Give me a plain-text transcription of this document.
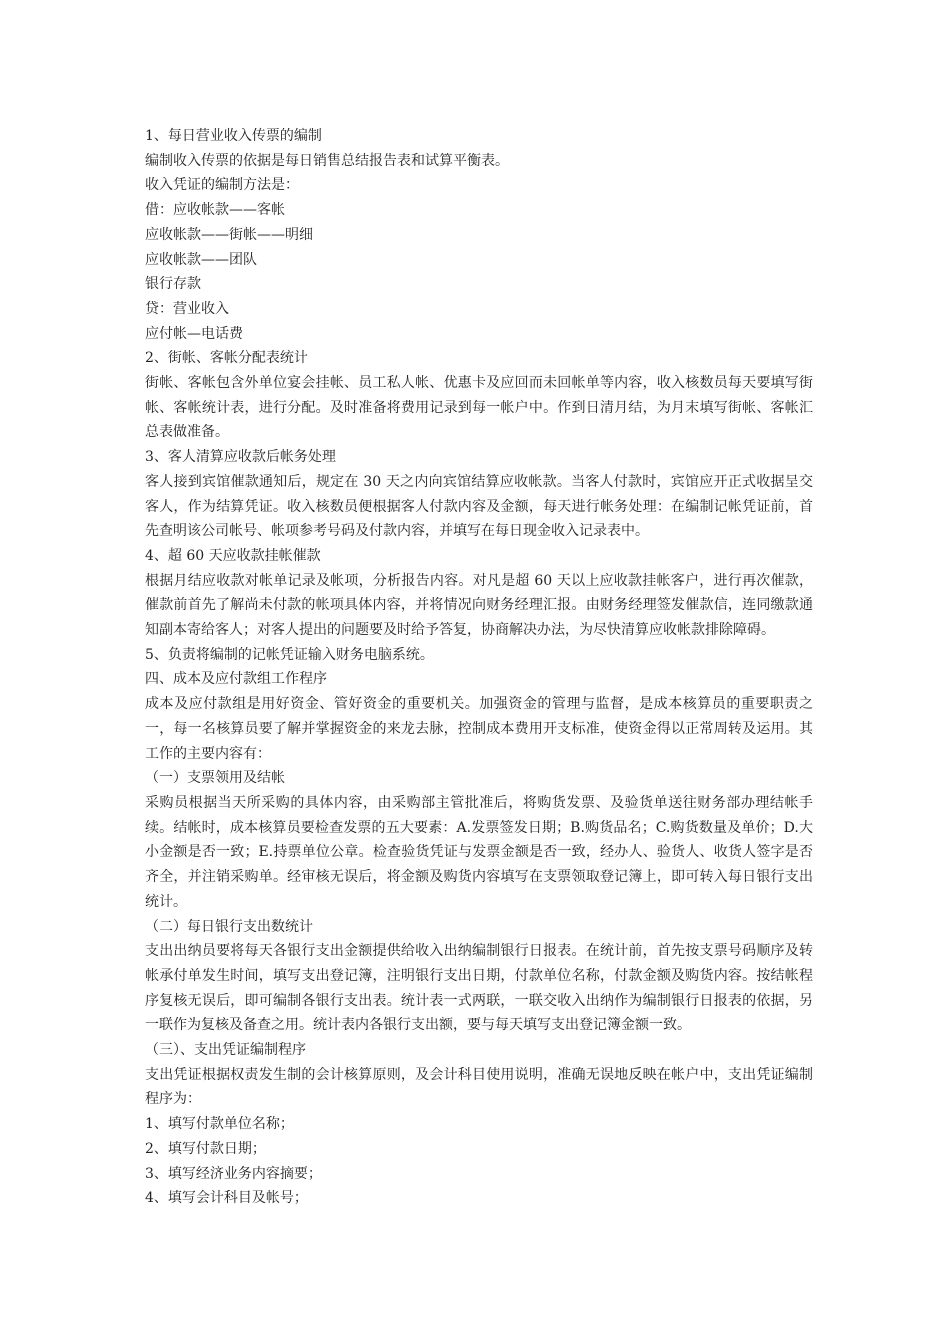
1、每日营业收入传票的编制

编制收入传票的依据是每日销售总结报告表和试算平衡表。

收入凭证的编制方法是：

借：应收帐款——客帐

应收帐款——街帐——明细

应收帐款——团队

银行存款

贷：营业收入

应付帐—电话费

2、街帐、客帐分配表统计

街帐、客帐包含外单位宴会挂帐、员工私人帐、优惠卡及应回而未回帐单等内容，收入核数员每天要填写街帐、客帐统计表，进行分配。及时准备将费用记录到每一帐户中。作到日清月结，为月末填写街帐、客帐汇总表做准备。

3、客人清算应收款后帐务处理

客人接到宾馆催款通知后，规定在 30 天之内向宾馆结算应收帐款。当客人付款时，宾馆应开正式收据呈交客人，作为结算凭证。收入核数员便根据客人付款内容及金额，每天进行帐务处理：在编制记帐凭证前，首先查明该公司帐号、帐项参考号码及付款内容，并填写在每日现金收入记录表中。

4、超 60 天应收款挂帐催款

根据月结应收款对帐单记录及帐项，分析报告内容。对凡是超 60 天以上应收款挂帐客户，进行再次催款，催款前首先了解尚未付款的帐项具体内容，并将情况向财务经理汇报。由财务经理签发催款信，连同缴款通知副本寄给客人；对客人提出的问题要及时给予答复，协商解决办法，为尽快清算应收帐款排除障碍。

5、负责将编制的记帐凭证输入财务电脑系统。

四、成本及应付款组工作程序

成本及应付款组是用好资金、管好资金的重要机关。加强资金的管理与监督，是成本核算员的重要职责之一，每一名核算员要了解并掌握资金的来龙去脉，控制成本费用开支标准，使资金得以正常周转及运用。其工作的主要内容有：

（一）支票领用及结帐

采购员根据当天所采购的具体内容，由采购部主管批准后，将购货发票、及验货单送往财务部办理结帐手续。结帐时，成本核算员要检查发票的五大要素：A.发票签发日期；B.购货品名；C.购货数量及单价；D.大小金额是否一致；E.持票单位公章。检查验货凭证与发票金额是否一致，经办人、验货人、收货人签字是否齐全，并注销采购单。经审核无误后，将金额及购货内容填写在支票领取登记簿上，即可转入每日银行支出统计。

（二）每日银行支出数统计

支出出纳员要将每天各银行支出金额提供给收入出纳编制银行日报表。在统计前，首先按支票号码顺序及转帐承付单发生时间，填写支出登记簿，注明银行支出日期，付款单位名称，付款金额及购货内容。按结帐程序复核无误后，即可编制各银行支出表。统计表一式两联，一联交收入出纳作为编制银行日报表的依据，另一联作为复核及备查之用。统计表内各银行支出额，要与每天填写支出登记簿金额一致。

（三）、支出凭证编制程序

支出凭证根据权责发生制的会计核算原则，及会计科目使用说明，准确无误地反映在帐户中，支出凭证编制程序为：

1、填写付款单位名称；

2、填写付款日期；

3、填写经济业务内容摘要；

4、填写会计科目及帐号；
